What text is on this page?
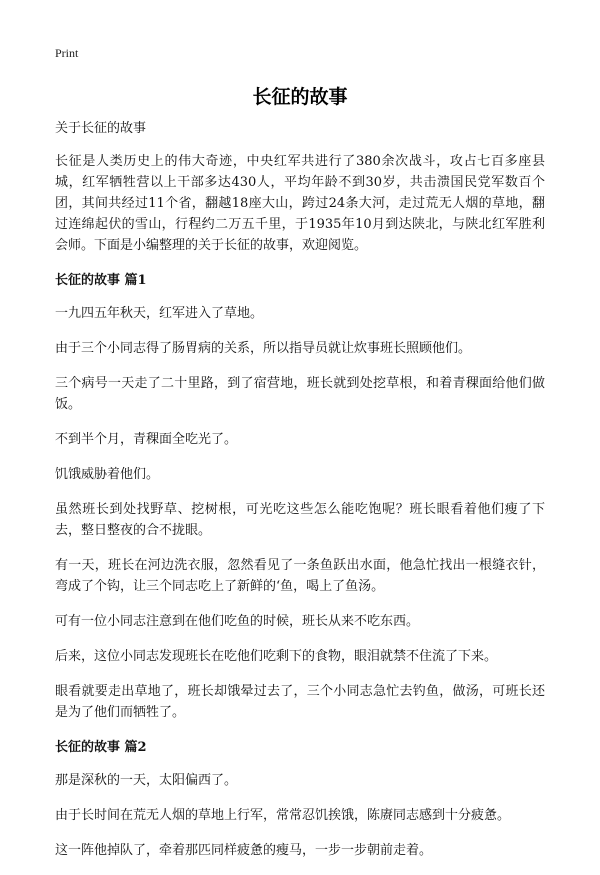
Print
长征的故事

关于长征的故事

长征是人类历史上的伟大奇迹，中央红军共进行了380余次战斗，攻占七百多座县城，红军牺牲营以上干部多达430人，平均年龄不到30岁，共击溃国民党军数百个团，其间共经过11个省，翻越18座大山，跨过24条大河，走过荒无人烟的草地，翻过连绵起伏的雪山，行程约二万五千里，于1935年10月到达陕北，与陕北红军胜利会师。下面是小编整理的关于长征的故事，欢迎阅览。

长征的故事 篇1

一九四五年秋天，红军进入了草地。

由于三个小同志得了肠胃病的关系，所以指导员就让炊事班长照顾他们。

三个病号一天走了二十里路，到了宿营地，班长就到处挖草根，和着青稞面给他们做饭。

不到半个月，青稞面全吃光了。

饥饿威胁着他们。

虽然班长到处找野草、挖树根，可光吃这些怎么能吃饱呢？班长眼看着他们瘦了下去，整日整夜的合不拢眼。

有一天，班长在河边洗衣服，忽然看见了一条鱼跃出水面，他急忙找出一根缝衣针，弯成了个钩，让三个同志吃上了新鲜的‘鱼，喝上了鱼汤。

可有一位小同志注意到在他们吃鱼的时候，班长从来不吃东西。

后来，这位小同志发现班长在吃他们吃剩下的食物，眼泪就禁不住流了下来。

眼看就要走出草地了，班长却饿晕过去了，三个小同志急忙去钓鱼，做汤，可班长还是为了他们而牺牲了。

长征的故事 篇2

那是深秋的一天，太阳偏西了。

由于长时间在荒无人烟的草地上行军，常常忍饥挨饿，陈赓同志感到十分疲惫。

这一阵他掉队了，牵着那匹同样疲惫的瘦马，一步一步朝前走着。
